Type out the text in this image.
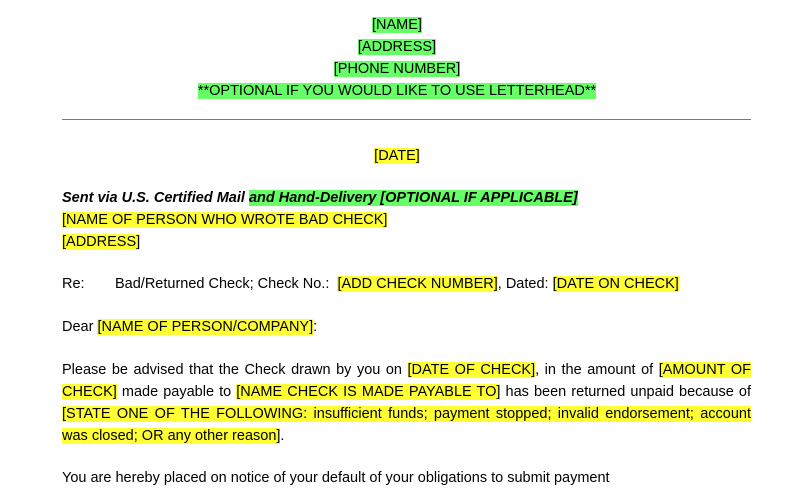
[NAME]
[ADDRESS]
[PHONE NUMBER]
**OPTIONAL IF YOU WOULD LIKE TO USE LETTERHEAD**
[DATE]
Sent via U.S. Certified Mail and Hand-Delivery [OPTIONAL IF APPLICABLE]
[NAME OF PERSON WHO WROTE BAD CHECK]
[ADDRESS]
Re: Bad/Returned Check; Check No.: [ADD CHECK NUMBER], Dated: [DATE ON CHECK]
Dear [NAME OF PERSON/COMPANY]:
Please be advised that the Check drawn by you on [DATE OF CHECK], in the amount of [AMOUNT OF CHECK] made payable to [NAME CHECK IS MADE PAYABLE TO] has been returned unpaid because of [STATE ONE OF THE FOLLOWING: insufficient funds; payment stopped; invalid endorsement; account was closed; OR any other reason].
You are hereby placed on notice of your default of your obligations to submit payment
